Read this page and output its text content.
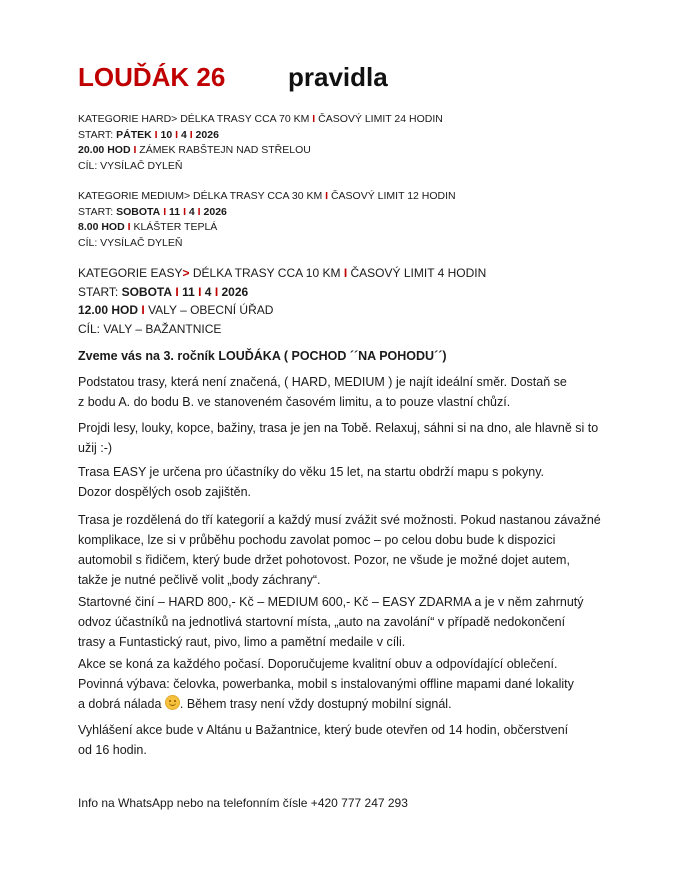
LOUĎÁK 26 pravidla
KATEGORIE HARD> DÉLKA TRASY CCA 70 KM I ČASOVÝ LIMIT 24 HODIN
START: PÁTEK I 10 I 4 I 2026
20.00 HOD I ZÁMEK RABŠTEJN NAD STŘELOU
CÍL: VYSÍLAČ DYLEŇ
KATEGORIE MEDIUM> DÉLKA TRASY CCA 30 KM I ČASOVÝ LIMIT 12 HODIN
START: SOBOTA I 11 I 4 I 2026
8.00 HOD I KLÁŠTER TEPLÁ
CÍL: VYSÍLAČ DYLEŇ
KATEGORIE EASY> DÉLKA TRASY CCA 10 KM I ČASOVÝ LIMIT 4 HODIN
START: SOBOTA I 11 I 4 I 2026
12.00 HOD I VALY – OBECNÍ ÚŘAD
CÍL: VALY – BAŽANTNICE
Zveme vás na 3. ročník LOUĎÁKA ( POCHOD ´´NA POHODU´´)
Podstatou trasy, která není značená, ( HARD, MEDIUM ) je najít ideální směr. Dostaň se
z bodu A. do bodu B. ve stanoveném časovém limitu, a to pouze vlastní chůzí.
Projdi lesy, louky, kopce, bažiny, trasa je jen na Tobě. Relaxuj, sáhni si na dno, ale hlavně si to
užij :-)
Trasa EASY je určena pro účastníky do věku 15 let, na startu obdrží mapu s pokyny.
Dozor dospělých osob zajištěn.
Trasa je rozdělená do tří kategorií a každý musí zvážit své možnosti. Pokud nastanou závažné
komplikace, lze si v průběhu pochodu zavolat pomoc – po celou dobu bude k dispozici
automobil s řidičem, který bude držet pohotovost. Pozor, ne všude je možné dojet autem,
takže je nutné pečlivě volit „body záchrany“.
Startovné činí – HARD 800,- Kč – MEDIUM 600,- Kč – EASY ZDARMA a je v něm zahrnutý
odvoz účastníků na jednotlivá startovní místa, „auto na zavolání“ v případě nedokončení
trasy a Funtastický raut, pivo, limo a pamětní medaile v cíli.
Akce se koná za každého počasí. Doporučujeme kvalitní obuv a odpovídající oblečení.
Povinná výbava: čelovka, powerbanka, mobil s instalovanými offline mapami dané lokality
a dobrá nálada . Během trasy není vždy dostupný mobilní signál.
Vyhlášení akce bude v Altánu u Bažantnice, který bude otevřen od 14 hodin, občerstvení
od 16 hodin.
Info na WhatsApp nebo na telefonním čísle +420 777 247 293
